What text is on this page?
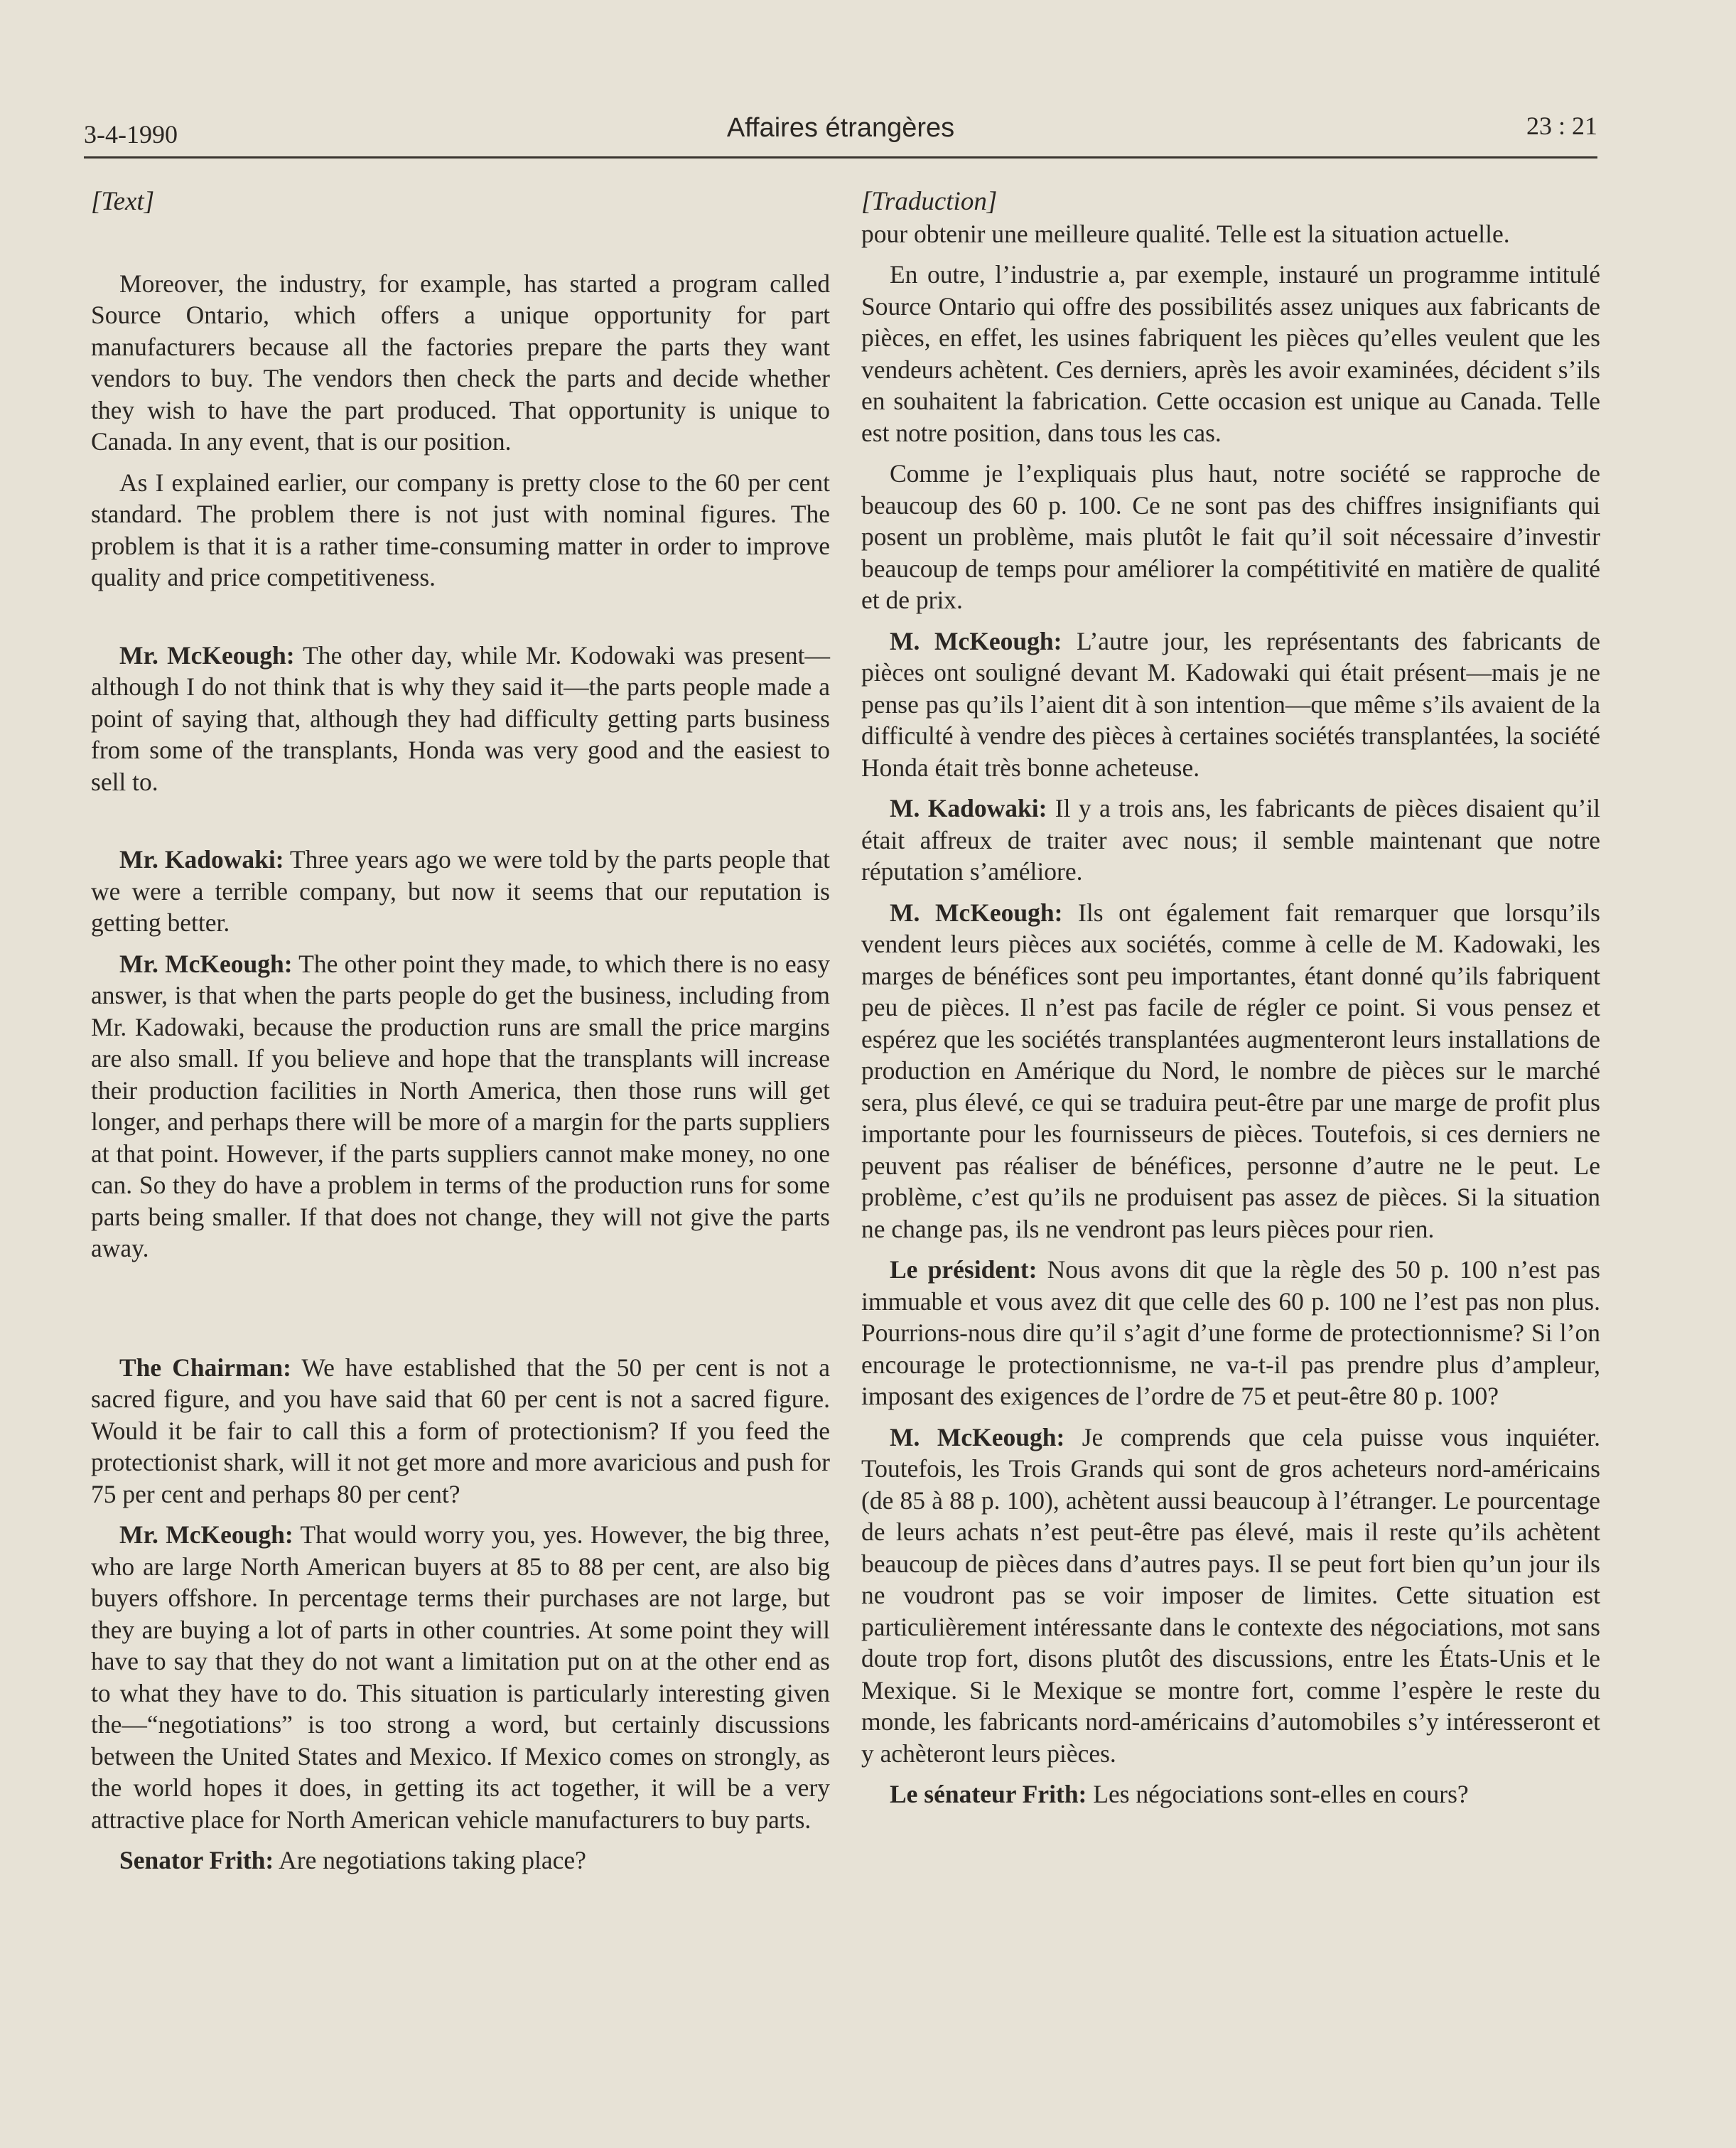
3-4-1990	Affaires étrangères	23 : 21

[Text]

Moreover, the industry, for example, has started a program called Source Ontario, which offers a unique opportunity for part manufacturers because all the factories prepare the parts they want vendors to buy. The vendors then check the parts and decide whether they wish to have the part produced. That opportunity is unique to Canada. In any event, that is our position.

As I explained earlier, our company is pretty close to the 60 per cent standard. The problem there is not just with nominal figures. The problem is that it is a rather time-consuming matter in order to improve quality and price competitiveness.

Mr. McKeough: The other day, while Mr. Kodowaki was present—although I do not think that is why they said it—the parts people made a point of saying that, although they had difficulty getting parts business from some of the transplants, Honda was very good and the easiest to sell to.

Mr. Kadowaki: Three years ago we were told by the parts people that we were a terrible company, but now it seems that our reputation is getting better.

Mr. McKeough: The other point they made, to which there is no easy answer, is that when the parts people do get the business, including from Mr. Kadowaki, because the production runs are small the price margins are also small. If you believe and hope that the transplants will increase their production facilities in North America, then those runs will get longer, and perhaps there will be more of a margin for the parts suppliers at that point. However, if the parts suppliers cannot make money, no one can. So they do have a problem in terms of the production runs for some parts being smaller. If that does not change, they will not give the parts away.

The Chairman: We have established that the 50 per cent is not a sacred figure, and you have said that 60 per cent is not a sacred figure. Would it be fair to call this a form of protectionism? If you feed the protectionist shark, will it not get more and more avaricious and push for 75 per cent and perhaps 80 per cent?

Mr. McKeough: That would worry you, yes. However, the big three, who are large North American buyers at 85 to 88 per cent, are also big buyers offshore. In percentage terms their purchases are not large, but they are buying a lot of parts in other countries. At some point they will have to say that they do not want a limitation put on at the other end as to what they have to do. This situation is particularly interesting given the—“negotiations” is too strong a word, but certainly discussions between the United States and Mexico. If Mexico comes on strongly, as the world hopes it does, in getting its act together, it will be a very attractive place for North American vehicle manufacturers to buy parts.

Senator Frith: Are negotiations taking place?

[Traduction]

pour obtenir une meilleure qualité. Telle est la situation actuelle.

En outre, l’industrie a, par exemple, instauré un programme intitulé Source Ontario qui offre des possibilités assez uniques aux fabricants de pièces, en effet, les usines fabriquent les pièces qu’elles veulent que les vendeurs achètent. Ces derniers, après les avoir examinées, décident s’ils en souhaitent la fabrication. Cette occasion est unique au Canada. Telle est notre position, dans tous les cas.

Comme je l’expliquais plus haut, notre société se rapproche de beaucoup des 60 p. 100. Ce ne sont pas des chiffres insignifiants qui posent un problème, mais plutôt le fait qu’il soit nécessaire d’investir beaucoup de temps pour améliorer la compétitivité en matière de qualité et de prix.

M. McKeough: L’autre jour, les représentants des fabricants de pièces ont souligné devant M. Kadowaki qui était présent—mais je ne pense pas qu’ils l’aient dit à son intention—que même s’ils avaient de la difficulté à vendre des pièces à certaines sociétés transplantées, la société Honda était très bonne acheteuse.

M. Kadowaki: Il y a trois ans, les fabricants de pièces disaient qu’il était affreux de traiter avec nous; il semble maintenant que notre réputation s’améliore.

M. McKeough: Ils ont également fait remarquer que lorsqu’ils vendent leurs pièces aux sociétés, comme à celle de M. Kadowaki, les marges de bénéfices sont peu importantes, étant donné qu’ils fabriquent peu de pièces. Il n’est pas facile de régler ce point. Si vous pensez et espérez que les sociétés transplantées augmenteront leurs installations de production en Amérique du Nord, le nombre de pièces sur le marché sera, plus élevé, ce qui se traduira peut-être par une marge de profit plus importante pour les fournisseurs de pièces. Toutefois, si ces derniers ne peuvent pas réaliser de bénéfices, personne d’autre ne le peut. Le problème, c’est qu’ils ne produisent pas assez de pièces. Si la situation ne change pas, ils ne vendront pas leurs pièces pour rien.

Le président: Nous avons dit que la règle des 50 p. 100 n’est pas immuable et vous avez dit que celle des 60 p. 100 ne l’est pas non plus. Pourrions-nous dire qu’il s’agit d’une forme de protectionnisme? Si l’on encourage le protectionnisme, ne va-t-il pas prendre plus d’ampleur, imposant des exigences de l’ordre de 75 et peut-être 80 p. 100?

M. McKeough: Je comprends que cela puisse vous inquiéter. Toutefois, les Trois Grands qui sont de gros acheteurs nord-américains (de 85 à 88 p. 100), achètent aussi beaucoup à l’étranger. Le pourcentage de leurs achats n’est peut-être pas élevé, mais il reste qu’ils achètent beaucoup de pièces dans d’autres pays. Il se peut fort bien qu’un jour ils ne voudront pas se voir imposer de limites. Cette situation est particulièrement intéressante dans le contexte des négociations, mot sans doute trop fort, disons plutôt des discussions, entre les États-Unis et le Mexique. Si le Mexique se montre fort, comme l’espère le reste du monde, les fabricants nord-américains d’automobiles s’y intéresseront et y achèteront leurs pièces.

Le sénateur Frith: Les négociations sont-elles en cours?
